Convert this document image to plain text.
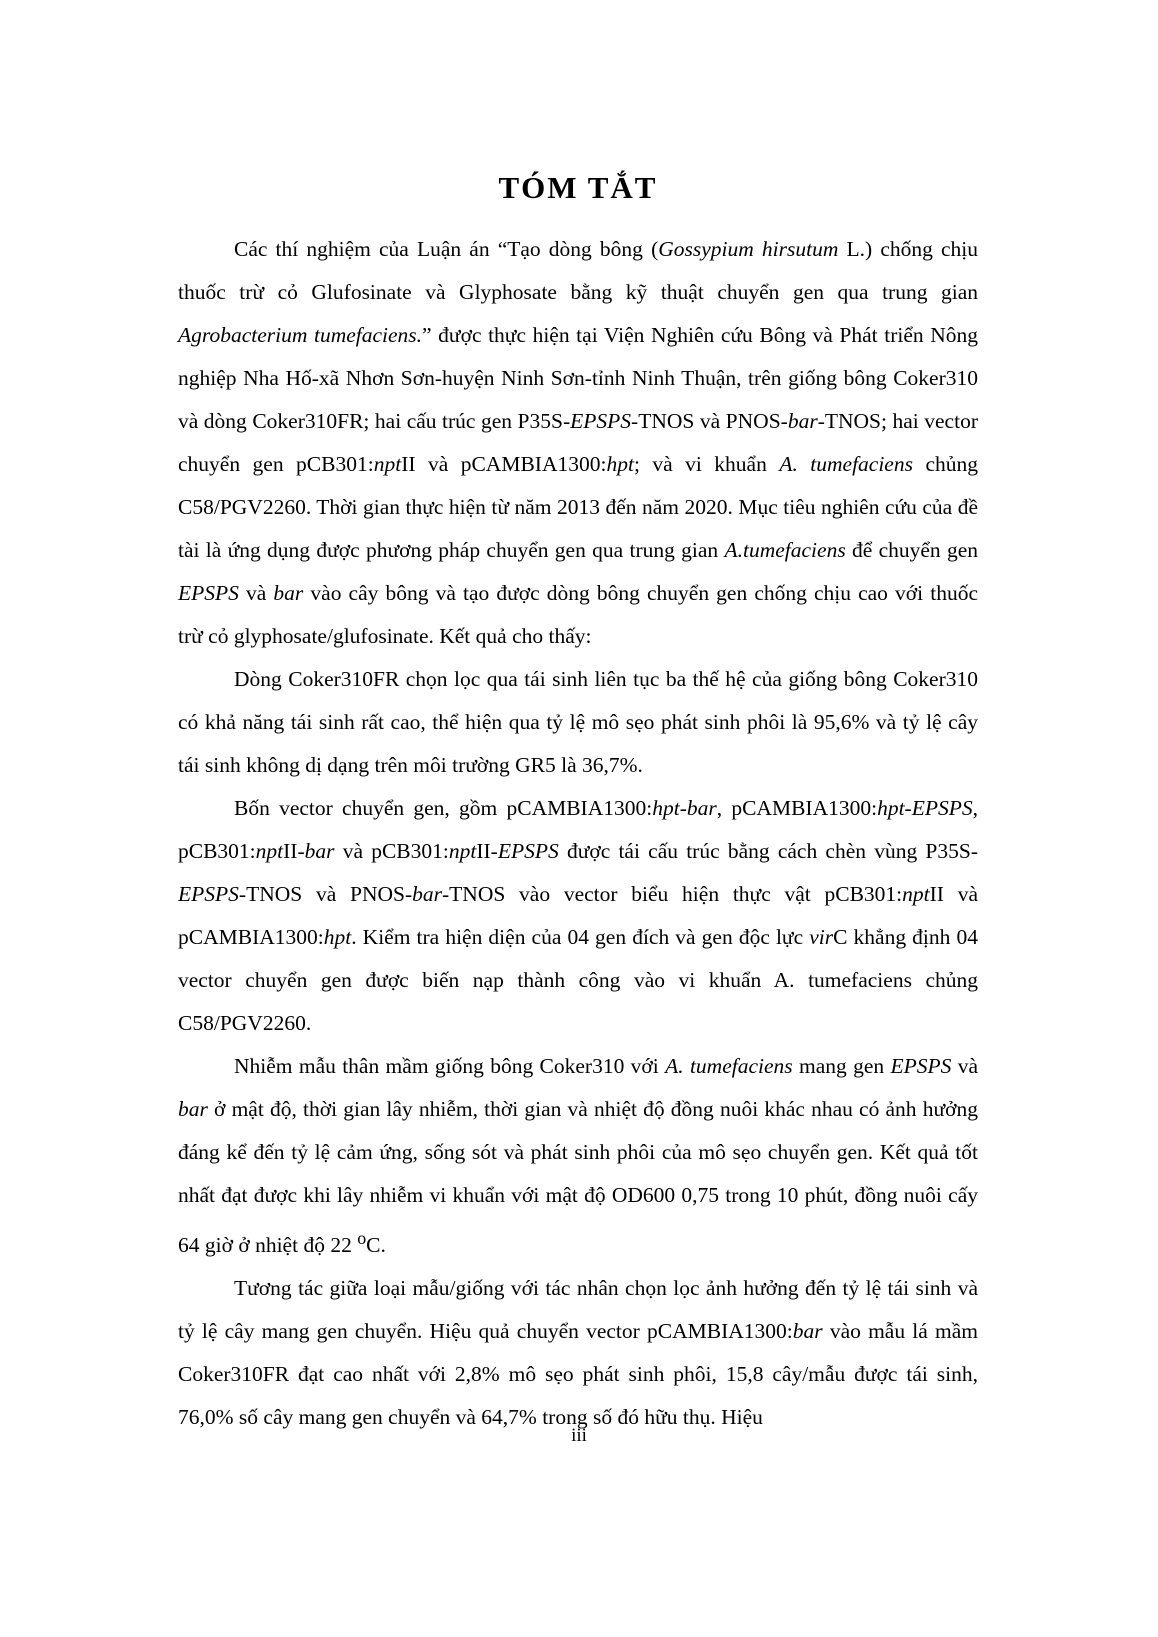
TÓM TẮT

Các thí nghiệm của Luận án “Tạo dòng bông (Gossypium hirsutum L.) chống chịu thuốc trừ cỏ Glufosinate và Glyphosate bằng kỹ thuật chuyển gen qua trung gian Agrobacterium tumefaciens.” được thực hiện tại Viện Nghiên cứu Bông và Phát triển Nông nghiệp Nha Hố-xã Nhơn Sơn-huyện Ninh Sơn-tỉnh Ninh Thuận, trên giống bông Coker310 và dòng Coker310FR; hai cấu trúc gen P35S-EPSPS-TNOS và PNOS-bar-TNOS; hai vector chuyển gen pCB301:nptII và pCAMBIA1300:hpt; và vi khuẩn A. tumefaciens chủng C58/PGV2260. Thời gian thực hiện từ năm 2013 đến năm 2020. Mục tiêu nghiên cứu của đề tài là ứng dụng được phương pháp chuyển gen qua trung gian A.tumefaciens để chuyển gen EPSPS và bar vào cây bông và tạo được dòng bông chuyển gen chống chịu cao với thuốc trừ cỏ glyphosate/glufosinate. Kết quả cho thấy:

Dòng Coker310FR chọn lọc qua tái sinh liên tục ba thế hệ của giống bông Coker310 có khả năng tái sinh rất cao, thể hiện qua tỷ lệ mô sẹo phát sinh phôi là 95,6% và tỷ lệ cây tái sinh không dị dạng trên môi trường GR5 là 36,7%.

Bốn vector chuyển gen, gồm pCAMBIA1300:hpt-bar, pCAMBIA1300:hpt-EPSPS, pCB301:nptII-bar và pCB301:nptII-EPSPS được tái cấu trúc bằng cách chèn vùng P35S-EPSPS-TNOS và PNOS-bar-TNOS vào vector biểu hiện thực vật pCB301:nptII và pCAMBIA1300:hpt. Kiểm tra hiện diện của 04 gen đích và gen độc lực virC khẳng định 04 vector chuyển gen được biến nạp thành công vào vi khuẩn A. tumefaciens chủng C58/PGV2260.

Nhiễm mẫu thân mầm giống bông Coker310 với A. tumefaciens mang gen EPSPS và bar ở mật độ, thời gian lây nhiễm, thời gian và nhiệt độ đồng nuôi khác nhau có ảnh hưởng đáng kể đến tỷ lệ cảm ứng, sống sót và phát sinh phôi của mô sẹo chuyển gen. Kết quả tốt nhất đạt được khi lây nhiễm vi khuẩn với mật độ OD600 0,75 trong 10 phút, đồng nuôi cấy 64 giờ ở nhiệt độ 22 $^o$C.

Tương tác giữa loại mẫu/giống với tác nhân chọn lọc ảnh hưởng đến tỷ lệ tái sinh và tỷ lệ cây mang gen chuyển. Hiệu quả chuyển vector pCAMBIA1300:bar vào mẫu lá mầm Coker310FR đạt cao nhất với 2,8% mô sẹo phát sinh phôi, 15,8 cây/mẫu được tái sinh, 76,0% số cây mang gen chuyển và 64,7% trong số đó hữu thụ. Hiệu

iii
